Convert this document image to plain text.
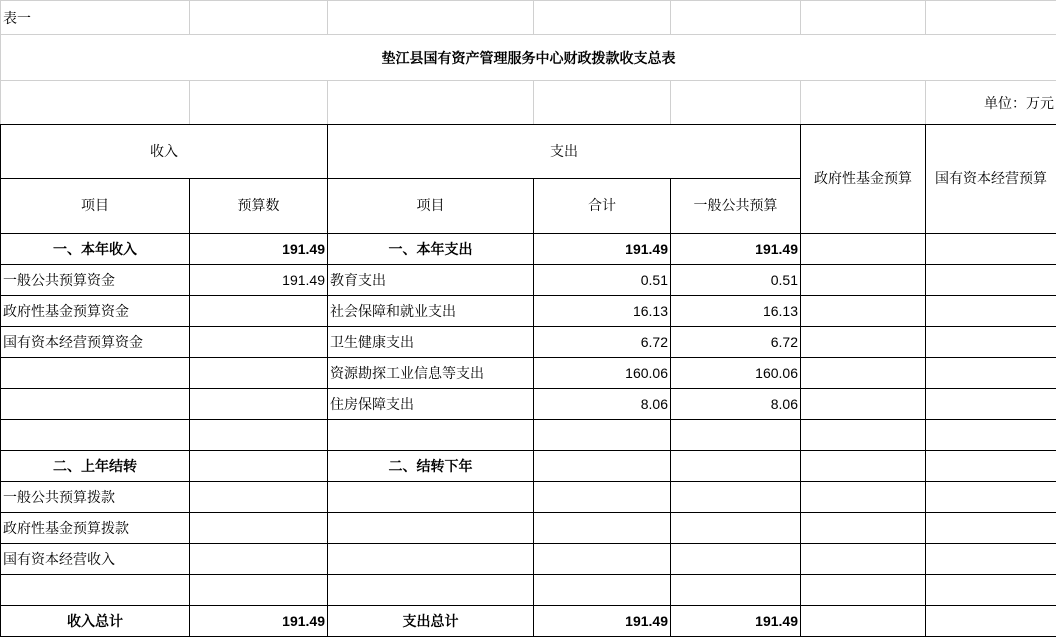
表一						
垫江县国有资产管理服务中心财政拨款收支总表						
						单位：万元
收入		支出			政府性基金预算	国有资本经营预算
项目	预算数	项目	合计	一般公共预算		
一、本年收入	191.49	一、本年支出	191.49	191.49		
一般公共预算资金	191.49	教育支出	0.51	0.51		
政府性基金预算资金		社会保障和就业支出	16.13	16.13		
国有资本经营预算资金		卫生健康支出	6.72	6.72		
		资源勘探工业信息等支出	160.06	160.06		
		住房保障支出	8.06	8.06		

二、上年结转		二、结转下年				
一般公共预算拨款						
政府性基金预算拨款						
国有资本经营收入						

收入总计	191.49	支出总计	191.49	191.49		
